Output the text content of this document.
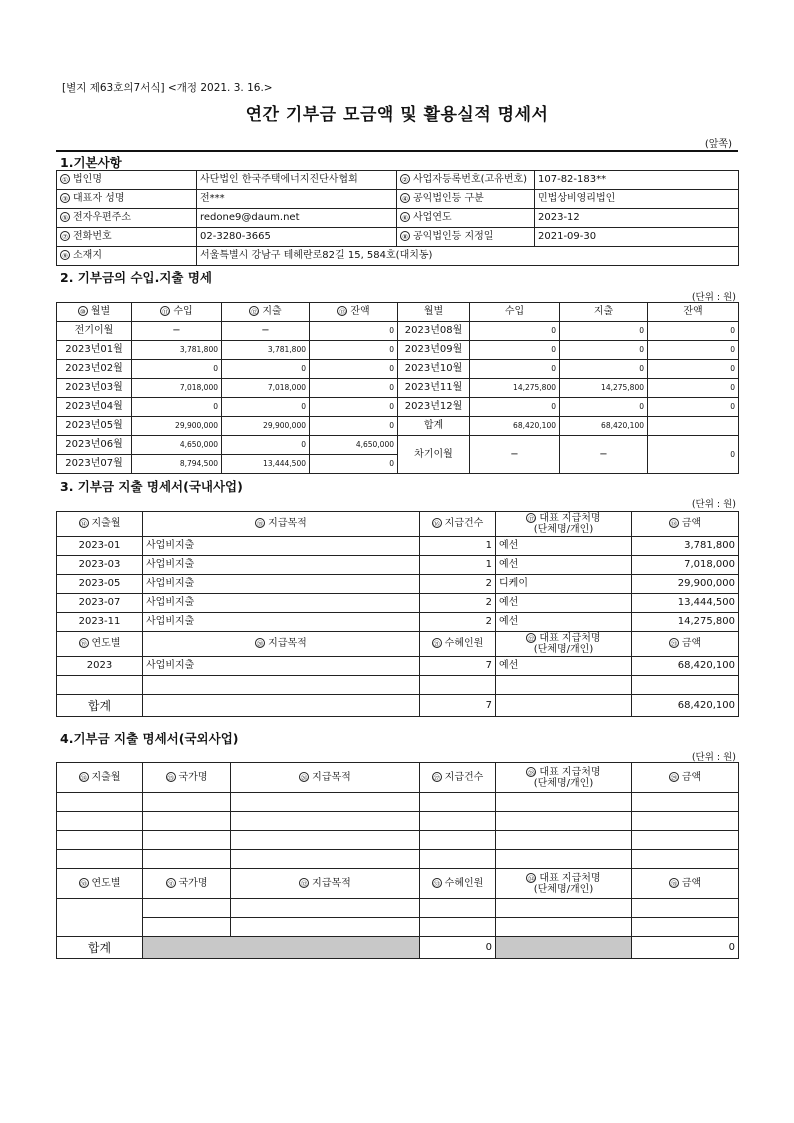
[별지 제63호의7서식] <개정 2021. 3. 16.>
연간 기부금 모금액 및 활용실적 명세서
(앞쪽)
1.기본사항
① 법인명	사단법인 한국주택에너지진단사협회	② 사업자등록번호(고유번호)	107-82-183**
③ 대표자 성명	전***	④ 공익법인등 구분	민법상비영리법인
⑤ 전자우편주소	redone9@daum.net	⑥ 사업연도	2023-12
⑦ 전화번호	02-3280-3665	⑧ 공익법인등 지정일	2021-09-30
⑨ 소재지	서울특별시 강남구 테헤란로82길 15, 584호(대치동)		
2. 기부금의 수입.지출 명세
(단위 : 원)
⑩ 월별	⑪ 수입	⑫ 지출	⑬ 잔액	월별	수입	지출	잔액
전기이월	−	−	0	2023년08월	0	0	0
2023년01월	3,781,800	3,781,800	0	2023년09월	0	0	0
2023년02월	0	0	0	2023년10월	0	0	0
2023년03월	7,018,000	7,018,000	0	2023년11월	14,275,800	14,275,800	0
2023년04월	0	0	0	2023년12월	0	0	0
2023년05월	29,900,000	29,900,000	0	합계	68,420,100	68,420,100	
2023년06월	4,650,000	0	4,650,000	차기이월	−	−	0
2023년07월	8,794,500	13,444,500	0				
3. 기부금 지출 명세서(국내사업)
(단위 : 원)
⑭ 지출월	⑮ 지급목적	⑯ 지급건수	⑰ 대표 지급처명
(단체명/개인)	⑱ 금액
2023-01	사업비지출	1	예선	3,781,800
2023-03	사업비지출	1	예선	7,018,000
2023-05	사업비지출	2	디케이	29,900,000
2023-07	사업비지출	2	예선	13,444,500
2023-11	사업비지출	2	예선	14,275,800
⑲ 연도별	⑳ 지급목적	㉑ 수혜인원	㉒ 대표 지급처명
(단체명/개인)	㉓ 금액
2023	사업비지출	7	예선	68,420,100

합계		7		68,420,100
4.기부금 지출 명세서(국외사업)
(단위 : 원)
㉔ 지출월	㉕ 국가명	㉖ 지급목적	㉗ 지급건수	㉘ 대표 지급처명
(단체명/개인)	㉙ 금액

㉚ 연도별	㉛ 국가명	㉜ 지급목적	㉝ 수혜인원	㉞ 대표 지급처명
(단체명/개인)	㉟ 금액

합계			0		0
